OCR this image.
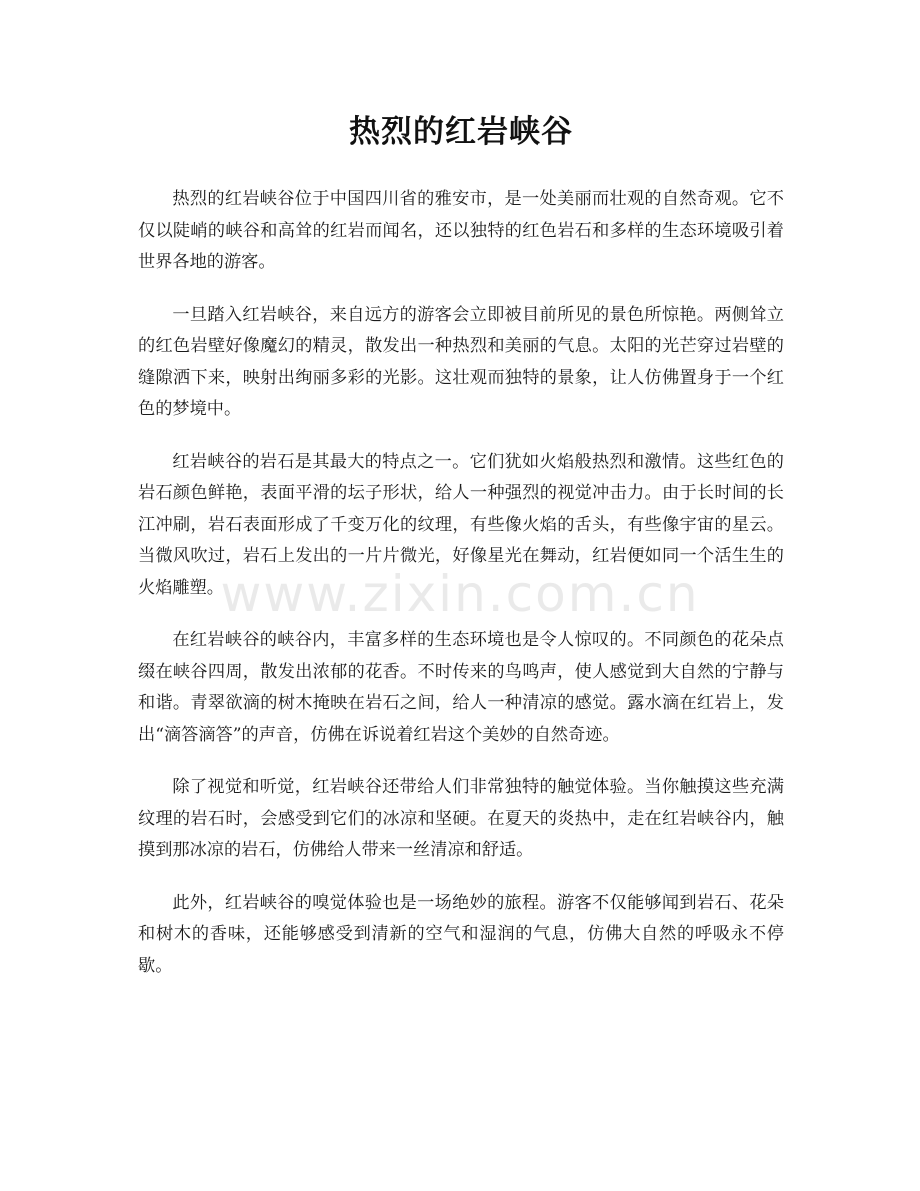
热烈的红岩峡谷

热烈的红岩峡谷位于中国四川省的雅安市，是一处美丽而壮观的自然奇观。它不仅以陡峭的峡谷和高耸的红岩而闻名，还以独特的红色岩石和多样的生态环境吸引着世界各地的游客。

一旦踏入红岩峡谷，来自远方的游客会立即被目前所见的景色所惊艳。两侧耸立的红色岩壁好像魔幻的精灵，散发出一种热烈和美丽的气息。太阳的光芒穿过岩壁的缝隙洒下来，映射出绚丽多彩的光影。这壮观而独特的景象，让人仿佛置身于一个红色的梦境中。

红岩峡谷的岩石是其最大的特点之一。它们犹如火焰般热烈和激情。这些红色的岩石颜色鲜艳，表面平滑的坛子形状，给人一种强烈的视觉冲击力。由于长时间的长江冲刷，岩石表面形成了千变万化的纹理，有些像火焰的舌头，有些像宇宙的星云。当微风吹过，岩石上发出的一片片微光，好像星光在舞动，红岩便如同一个活生生的火焰雕塑。

在红岩峡谷的峡谷内，丰富多样的生态环境也是令人惊叹的。不同颜色的花朵点缀在峡谷四周，散发出浓郁的花香。不时传来的鸟鸣声，使人感觉到大自然的宁静与和谐。青翠欲滴的树木掩映在岩石之间，给人一种清凉的感觉。露水滴在红岩上，发出“滴答滴答”的声音，仿佛在诉说着红岩这个美妙的自然奇迹。

除了视觉和听觉，红岩峡谷还带给人们非常独特的触觉体验。当你触摸这些充满纹理的岩石时，会感受到它们的冰凉和坚硬。在夏天的炎热中，走在红岩峡谷内，触摸到那冰凉的岩石，仿佛给人带来一丝清凉和舒适。

此外，红岩峡谷的嗅觉体验也是一场绝妙的旅程。游客不仅能够闻到岩石、花朵和树木的香味，还能够感受到清新的空气和湿润的气息，仿佛大自然的呼吸永不停歇。

www.zixin.com.cn
